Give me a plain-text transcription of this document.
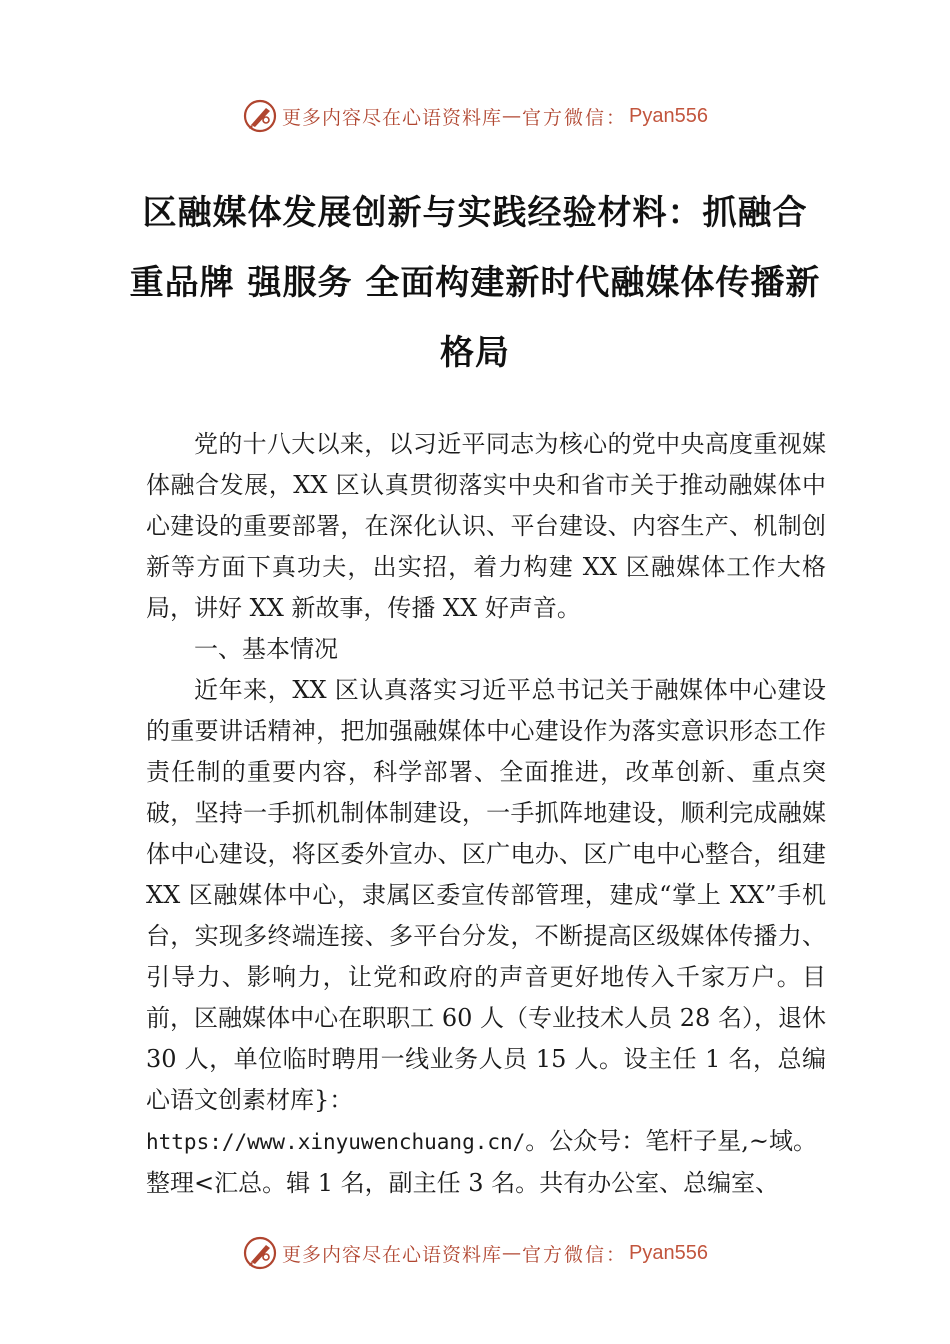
更多内容尽在心语资料库 — 官方微信： Pyan556
区融媒体发展创新与实践经验材料：抓融合 重品牌 强服务 全面构建新时代融媒体传播新格局

党的十八大以来，以习近平同志为核心的党中央高度重视媒体融合发展，XX 区认真贯彻落实中央和省市关于推动融媒体中心建设的重要部署，在深化认识、平台建设、内容生产、机制创新等方面下真功夫，出实招，着力构建 XX 区融媒体工作大格局，讲好 XX 新故事，传播 XX 好声音。

一、基本情况

近年来，XX 区认真落实习近平总书记关于融媒体中心建设的重要讲话精神，把加强融媒体中心建设作为落实意识形态工作责任制的重要内容，科学部署、全面推进，改革创新、重点突破，坚持一手抓机制体制建设，一手抓阵地建设，顺利完成融媒体中心建设，将区委外宣办、区广电办、区广电中心整合，组建 XX 区融媒体中心，隶属区委宣传部管理，建成“掌上 XX”手机台，实现多终端连接、多平台分发，不断提高区级媒体传播力、引导力、影响力，让党和政府的声音更好地传入千家万户。目前，区融媒体中心在职职工 60 人（专业技术人员 28 名），退休 30 人，单位临时聘用一线业务人员 15 人。设主任 1 名，总编心语文创素材库}：

https://www.xinyuwenchuang.cn/。公众号：笔杆子星,~域。

整理<汇总。辑 1 名，副主任 3 名。共有办公室、总编室、

更多内容尽在心语资料库 — 官方微信： Pyan556
